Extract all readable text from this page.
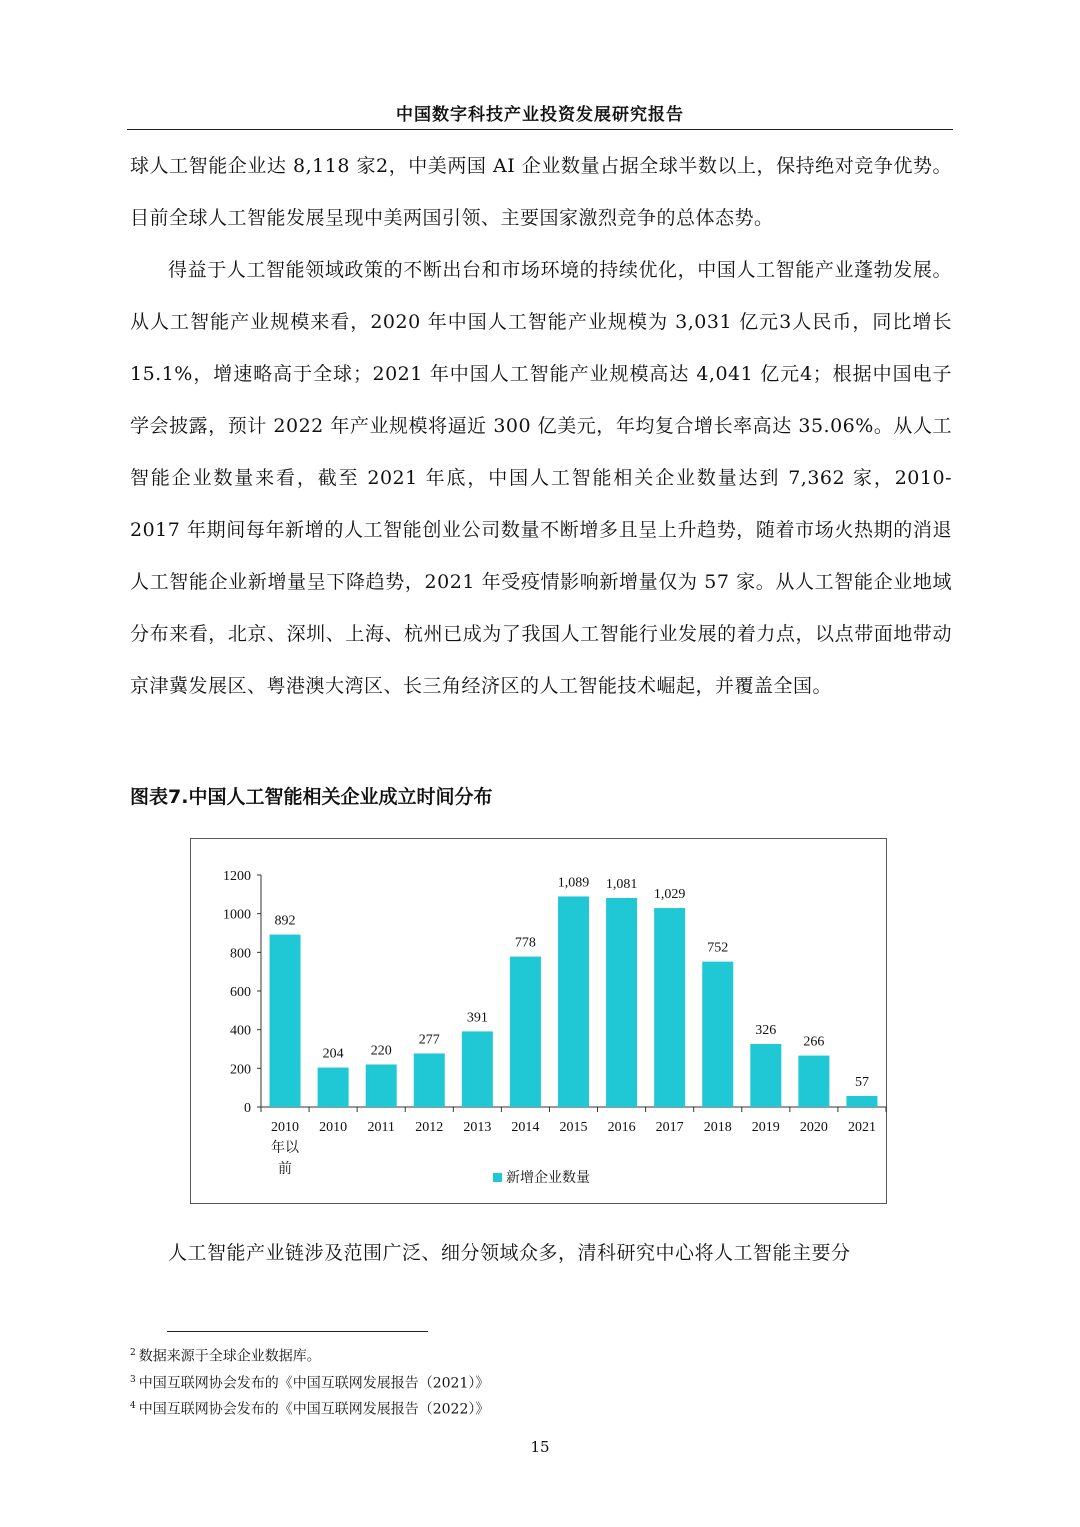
中国数字科技产业投资发展研究报告

球人工智能企业达 8,118 家2，中美两国 AI 企业数量占据全球半数以上，保持绝对竞争优势。目前全球人工智能发展呈现中美两国引领、主要国家激烈竞争的总体态势。

得益于人工智能领域政策的不断出台和市场环境的持续优化，中国人工智能产业蓬勃发展。从人工智能产业规模来看，2020 年中国人工智能产业规模为 3,031 亿元3人民币，同比增长 15.1%，增速略高于全球；2021 年中国人工智能产业规模高达 4,041 亿元4；根据中国电子学会披露，预计 2022 年产业规模将逼近 300 亿美元，年均复合增长率高达 35.06%。从人工智能企业数量来看，截至 2021 年底，中国人工智能相关企业数量达到 7,362 家，2010-2017 年期间每年新增的人工智能创业公司数量不断增多且呈上升趋势，随着市场火热期的消退人工智能企业新增量呈下降趋势，2021 年受疫情影响新增量仅为 57 家。从人工智能企业地域分布来看，北京、深圳、上海、杭州已成为了我国人工智能行业发展的着力点，以点带面地带动京津冀发展区、粤港澳大湾区、长三角经济区的人工智能技术崛起，并覆盖全国。

图表7.中国人工智能相关企业成立时间分布
0
200
400
600
800
1000
1200
892
2010
年以
前
204
2010
220
2011
277
2012
391
2013
778
2014
1,089
2015
1,081
2016
1,029
2017
752
2018
326
2019
266
2020
57
2021
新增企业数量

人工智能产业链涉及范围广泛、细分领域众多，清科研究中心将人工智能主要分

$^2$ 数据来源于全球企业数据库。
$^3$ 中国互联网协会发布的《中国互联网发展报告（2021）》
$^4$ 中国互联网协会发布的《中国互联网发展报告（2022）》
15
